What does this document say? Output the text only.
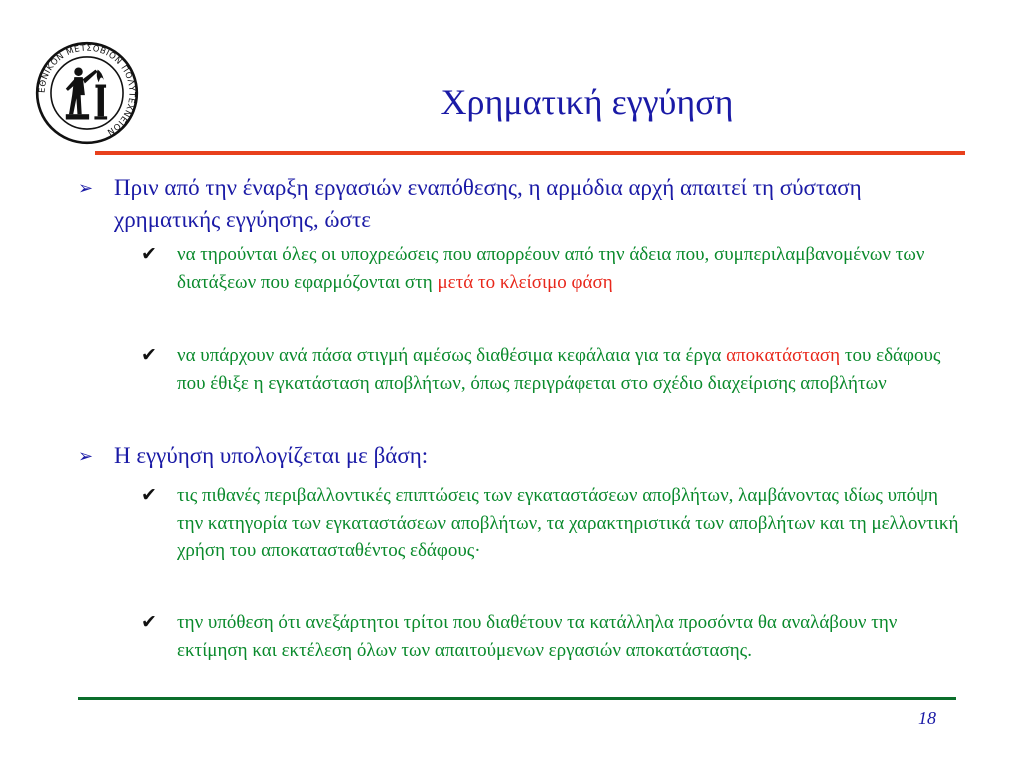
ΕΘΝΙΚΟΝ ΜΕΤΣΟΒΙΟΝ ΠΟΛΥΤΕΧΝΕΙΟΝ
Χρηματική εγγύηση
➢ Πριν από την έναρξη εργασιών εναπόθεσης, η αρμόδια αρχή απαιτεί τη σύσταση χρηματικής εγγύησης, ώστε
✔ να τηρούνται όλες οι υποχρεώσεις που απορρέουν από την άδεια που, συμπεριλαμβανομένων των διατάξεων που εφαρμόζονται στη μετά το κλείσιμο φάση
✔ να υπάρχουν ανά πάσα στιγμή αμέσως διαθέσιμα κεφάλαια για τα έργα αποκατάσταση του εδάφους που έθιξε η εγκατάσταση αποβλήτων, όπως περιγράφεται στο σχέδιο διαχείρισης αποβλήτων
➢ Η εγγύηση υπολογίζεται με βάση:
✔ τις πιθανές περιβαλλοντικές επιπτώσεις των εγκαταστάσεων αποβλήτων, λαμβάνοντας ιδίως υπόψη την κατηγορία των εγκαταστάσεων αποβλήτων, τα χαρακτηριστικά των αποβλήτων και τη μελλοντική χρήση του αποκατασταθέντος εδάφους·
✔ την υπόθεση ότι ανεξάρτητοι τρίτοι που διαθέτουν τα κατάλληλα προσόντα θα αναλάβουν την εκτίμηση και εκτέλεση όλων των απαιτούμενων εργασιών αποκατάστασης.
18
